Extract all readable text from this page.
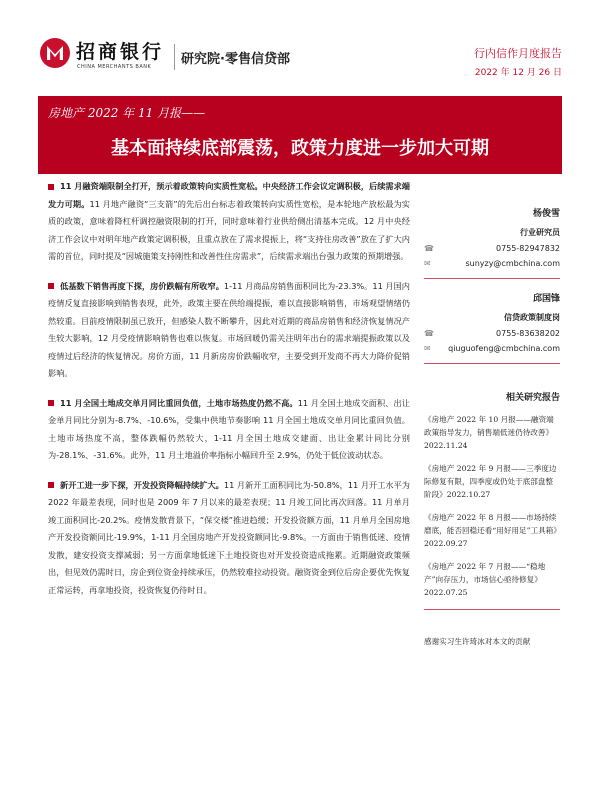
招商银行
CHINA MERCHANTS BANK 研究院·零售信贷部	行内信作月度报告
2022 年 12 月 26 日
房地产 2022 年 11 月报——
基本面持续底部震荡，政策力度进一步加大可期

11 月融资端限制全打开，预示着政策转向实质性宽松。中央经济工作会议定调积极，后续需求端发力可期。11 月地产融资“三支箭”的先后出台标志着政策转向实质性宽松，是本轮地产放松最为实质的政策，意味着降杠杆调控融资限制的打开，同时意味着行业供给侧出清基本完成。12 月中央经济工作会议中对明年地产政策定调积极，且重点放在了需求提振上，将“支持住房改善”放在了扩大内需的首位，同时提及“因城施策支持刚性和改善性住房需求”，后续需求端出台强力政策的预期增强。

低基数下销售再度下探，房价跌幅有所收窄。1-11 月商品房销售面积同比为-23.3%。11 月国内疫情反复直接影响到销售表现，此外，政策主要在供给端提振，难以直接影响销售，市场观望情绪仍然较重。目前疫情限制虽已放开，但感染人数不断攀升，因此对近期的商品房销售和经济恢复情况产生较大影响，12 月受疫情影响销售也难以恢复。市场回暖仍需关注明年出台的需求端提振政策以及疫情过后经济的恢复情况。房价方面，11 月新房房价跌幅收窄，主要受到开发商不再大力降价促销影响。

11 月全国土地成交单月同比重回负值，土地市场热度仍然不高。11 月全国土地成交面积、出让金单月同比分别为-8.7%、-10.6%，受集中供地节奏影响 11 月全国土地成交单月同比重回负值。土地市场热度不高，整体跌幅仍然较大，1-11 月全国土地成交建面、出让金累计同比分别为-28.1%、-31.6%。此外，11 月土地溢价率指标小幅回升至 2.9%，仍处于低位波动状态。

新开工进一步下探，开发投资降幅持续扩大。11 月新开工面积同比为-50.8%，11 月开工水平为 2022 年最差表现，同时也是 2009 年 7 月以来的最差表现；11 月竣工同比再次回落。11 月单月竣工面积同比-20.2%。疫情发散背景下，“保交楼”推进趋缓；开发投资额方面，11 月单月全国房地产开发投资额同比-19.9%，1-11 月全国房地产开发投资额同比-9.8%。一方面由于销售低迷、疫情发散，建安投资支撑减弱；另一方面拿地低迷下土地投资也对开发投资造成拖累。近期融资政策频出，但见效仍需时日，房企到位资金持续承压，仍然较难拉动投资。融资资金到位后房企要优先恢复正常运转，再拿地投资，投资恢复仍待时日。

杨俊雪
行业研究员
☎	0755-82947832
✉	sunyzy@cmbchina.com
邱国锋
信贷政策制度岗
☎	0755-83638202
✉ qiuguofeng@cmbchina.com
相关研究报告
《房地产 2022 年 10 月报——融资端政策指导发力，销售端低迷仍待改善》2022.11.24
《房地产 2022 年 9 月报——三季度边际修复有限，四季度或仍处于底部盘整阶段》2022.10.27
《房地产 2022 年 8 月报——市场持续磨底，能否回稳还看“用好用足”工具箱》2022.09.27
《房地产 2022 年 7 月报——“稳地产”向存压力，市场信心亟待修复》2022.07.25
感谢实习生许琦冰对本文的贡献
